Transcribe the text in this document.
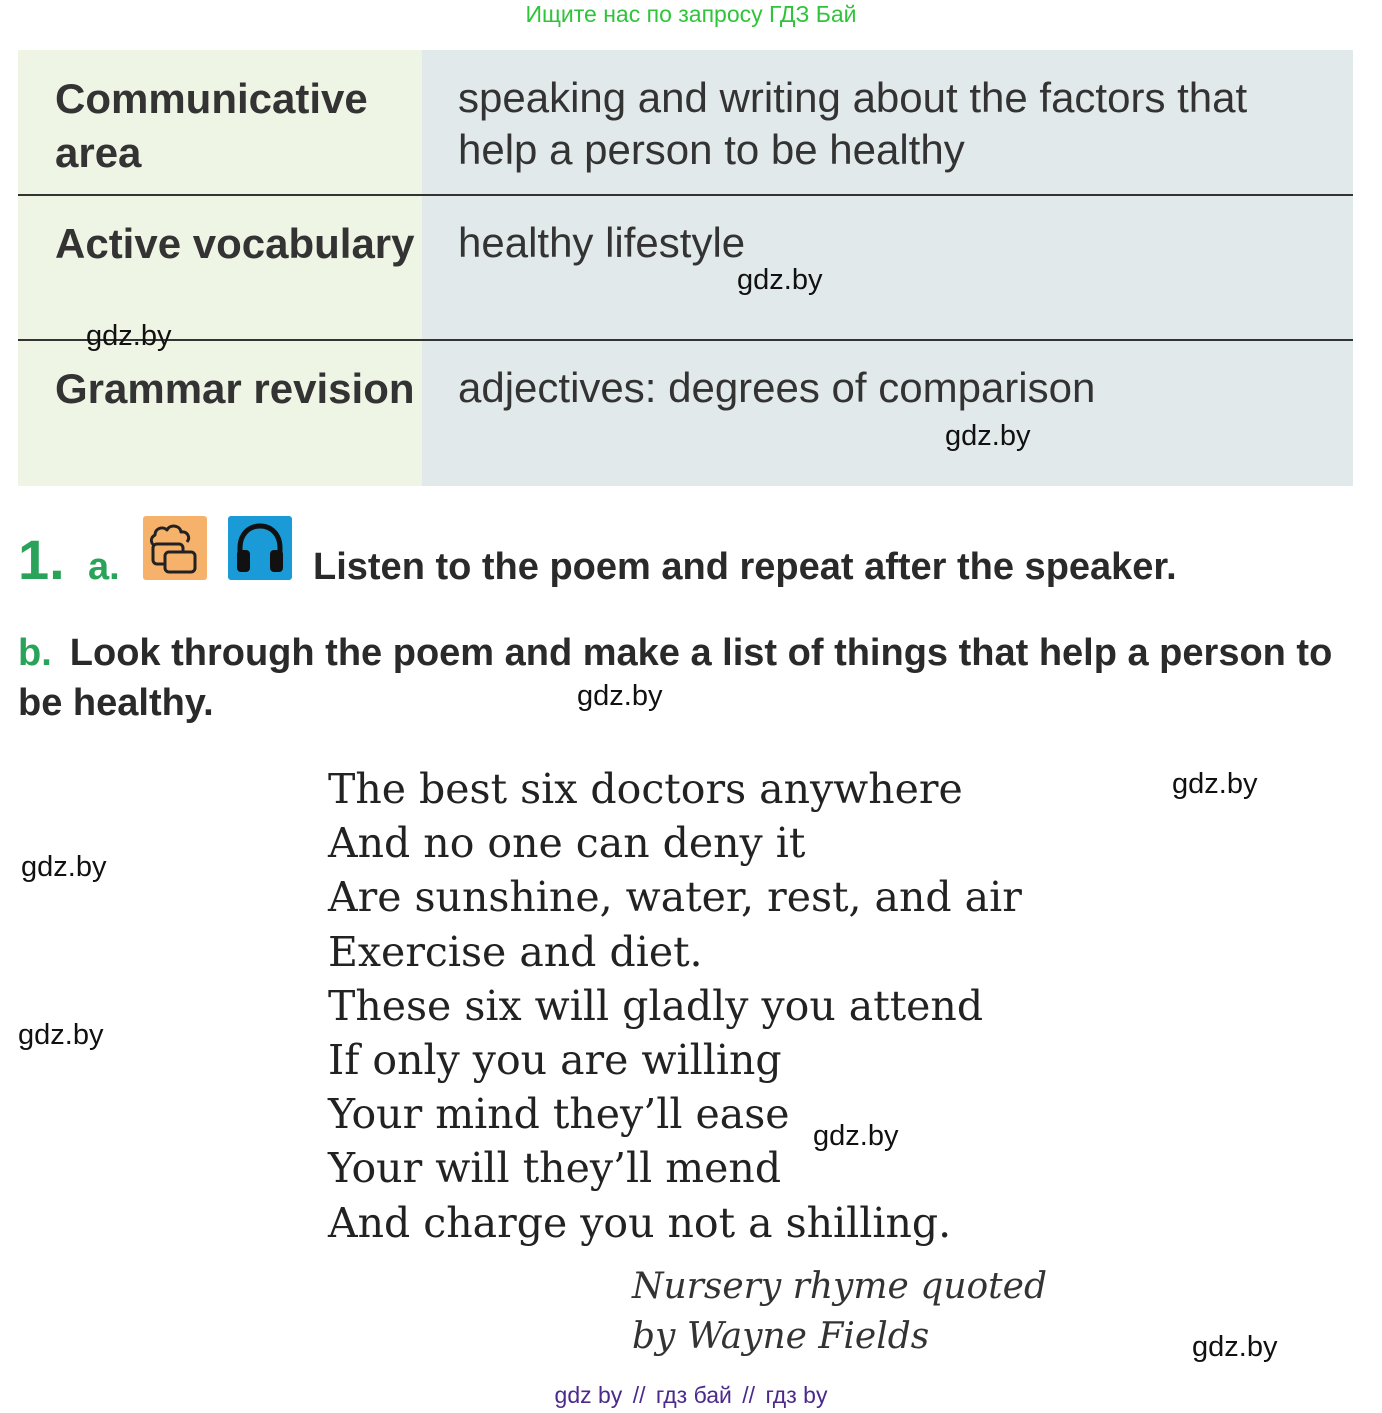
Ищите нас по запросу ГДЗ Бай
Communicative area
speaking and writing about the factors that help a person to be healthy
Active vocabulary healthy lifestyle
Grammar revision adjectives: degrees of comparison
1. a.	Listen to the poem and repeat after the speaker.
b. Look through the poem and make a list of things that help a person to be healthy.
The best six doctors anywhere
And no one can deny it
Are sunshine, water, rest, and air
Exercise and diet.
These six will gladly you attend
If only you are willing
Your mind they’ll ease
Your will they’ll mend
And charge you not a shilling.
Nursery rhyme quoted
by Wayne Fields
gdz.by
gdz.by
gdz.by
gdz.by
gdz.by
gdz.by
gdz.by
gdz.by
gdz.by
gdz by // гдз бай // гдз by
